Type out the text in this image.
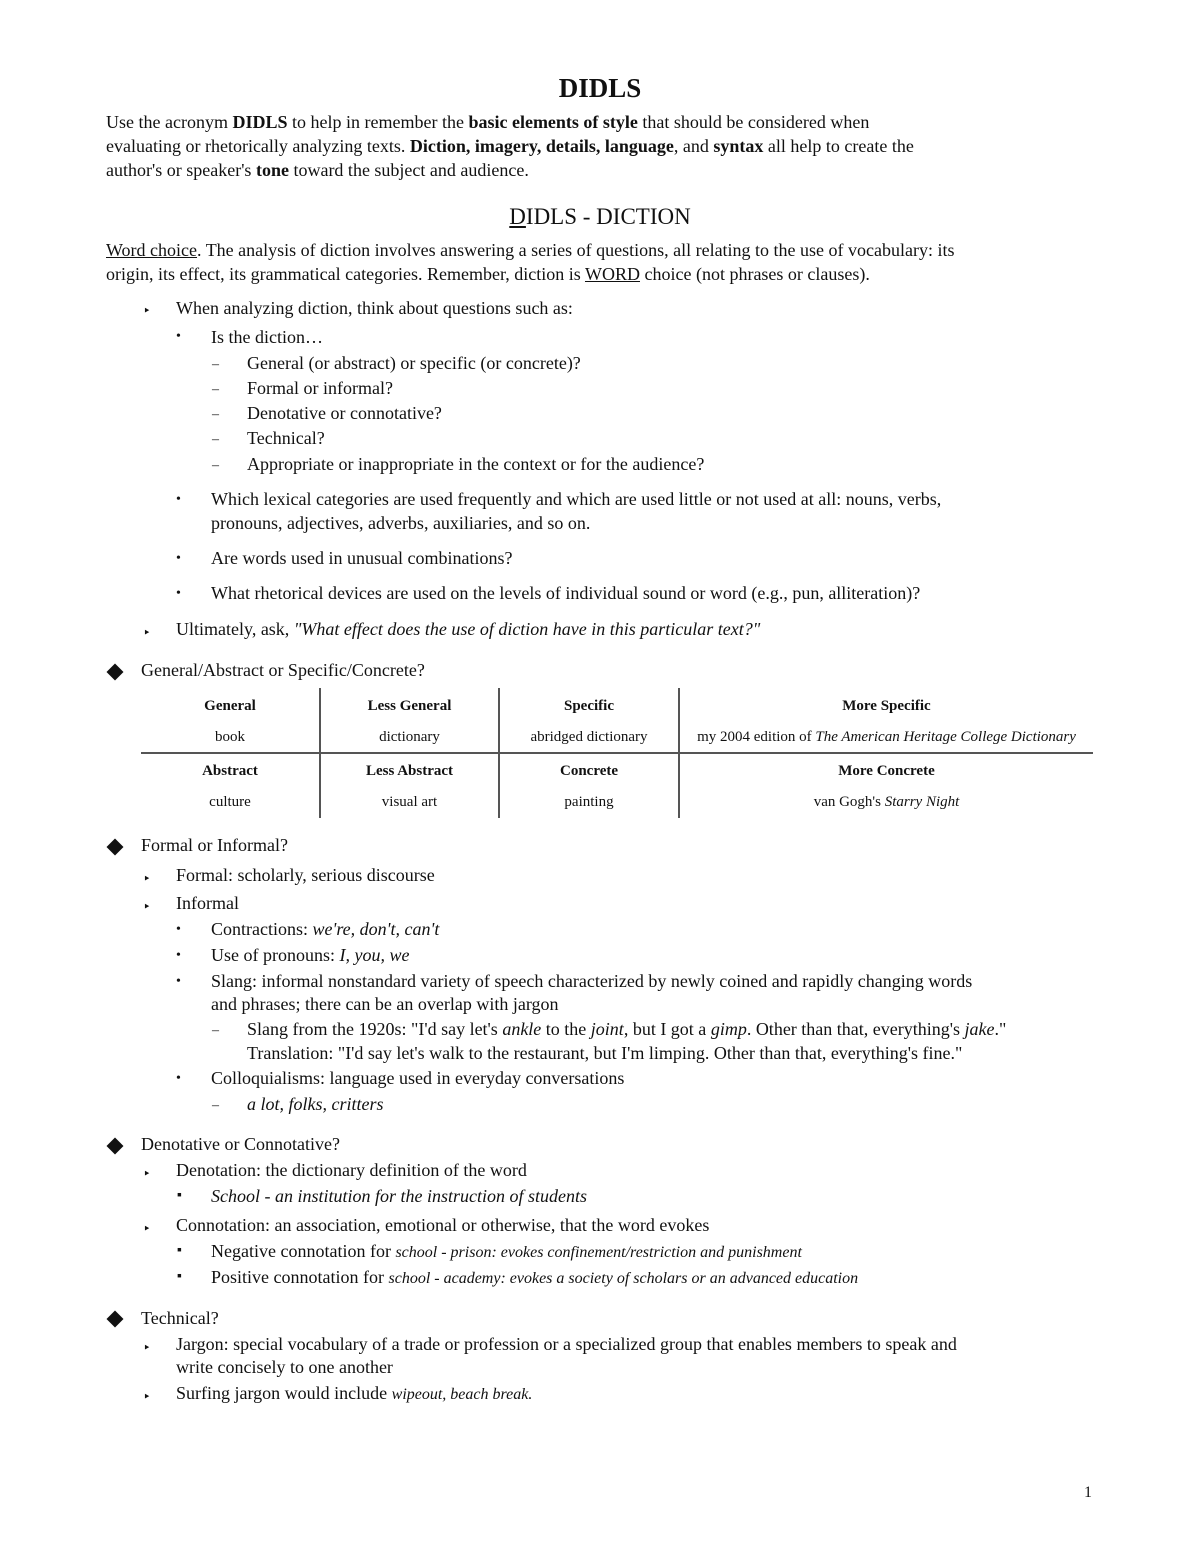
DIDLS
Use the acronym DIDLS to help in remember the basic elements of style that should be considered when
evaluating or rhetorically analyzing texts. Diction, imagery, details, language, and syntax all help to create the
author's or speaker's tone toward the subject and audience.
DIDLS - DICTION
Word choice. The analysis of diction involves answering a series of questions, all relating to the use of vocabulary: its
origin, its effect, its grammatical categories. Remember, diction is WORD choice (not phrases or clauses).
‣ When analyzing diction, think about questions such as:
• Is the diction…
– General (or abstract) or specific (or concrete)?
– Formal or informal?
– Denotative or connotative?
– Technical?
– Appropriate or inappropriate in the context or for the audience?
• Which lexical categories are used frequently and which are used little or not used at all: nouns, verbs,
pronouns, adjectives, adverbs, auxiliaries, and so on.
• Are words used in unusual combinations?
• What rhetorical devices are used on the levels of individual sound or word (e.g., pun, alliteration)?
‣ Ultimately, ask, "What effect does the use of diction have in this particular text?"
General/Abstract or Specific/Concrete?
General	Less General	Specific	More Specific
book	dictionary	abridged dictionary	my 2004 edition of The American Heritage College Dictionary
Abstract	Less Abstract	Concrete	More Concrete
culture	visual art	painting	van Gogh's Starry Night
Formal or Informal?
‣ Formal: scholarly, serious discourse
‣ Informal
• Contractions: we're, don't, can't
• Use of pronouns: I, you, we
• Slang: informal nonstandard variety of speech characterized by newly coined and rapidly changing words
and phrases; there can be an overlap with jargon
– Slang from the 1920s: "I'd say let's ankle to the joint, but I got a gimp. Other than that, everything's jake."
Translation: "I'd say let's walk to the restaurant, but I'm limping. Other than that, everything's fine."
• Colloquialisms: language used in everyday conversations
– a lot, folks, critters
Denotative or Connotative?
‣ Denotation: the dictionary definition of the word
▪ School - an institution for the instruction of students
‣ Connotation: an association, emotional or otherwise, that the word evokes
▪ Negative connotation for school - prison: evokes confinement/restriction and punishment
▪ Positive connotation for school - academy: evokes a society of scholars or an advanced education
Technical?
‣ Jargon: special vocabulary of a trade or profession or a specialized group that enables members to speak and
write concisely to one another
‣ Surfing jargon would include wipeout, beach break.
1
